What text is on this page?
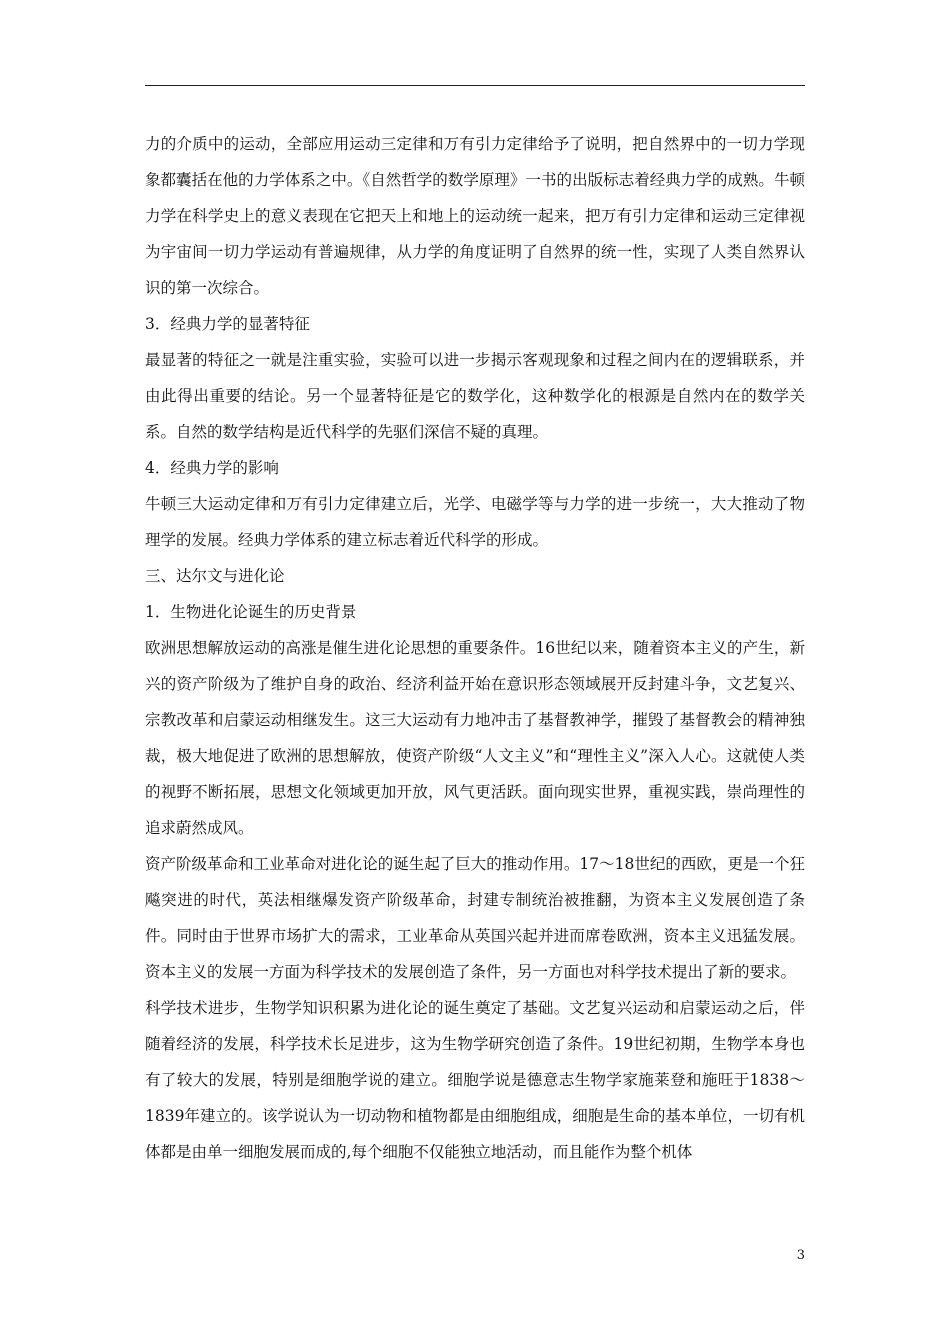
力的介质中的运动，全部应用运动三定律和万有引力定律给予了说明，把自然界中的一切力学现象都囊括在他的力学体系之中。《自然哲学的数学原理》一书的出版标志着经典力学的成熟。牛顿力学在科学史上的意义表现在它把天上和地上的运动统一起来，把万有引力定律和运动三定律视为宇宙间一切力学运动有普遍规律，从力学的角度证明了自然界的统一性，实现了人类自然界认识的第一次综合。

3．经典力学的显著特征

最显著的特征之一就是注重实验，实验可以进一步揭示客观现象和过程之间内在的逻辑联系，并由此得出重要的结论。另一个显著特征是它的数学化，这种数学化的根源是自然内在的数学关系。自然的数学结构是近代科学的先驱们深信不疑的真理。

4．经典力学的影响

牛顿三大运动定律和万有引力定律建立后，光学、电磁学等与力学的进一步统一，大大推动了物理学的发展。经典力学体系的建立标志着近代科学的形成。

三、达尔文与进化论

1．生物进化论诞生的历史背景

欧洲思想解放运动的高涨是催生进化论思想的重要条件。16世纪以来，随着资本主义的产生，新兴的资产阶级为了维护自身的政治、经济利益开始在意识形态领域展开反封建斗争，文艺复兴、宗教改革和启蒙运动相继发生。这三大运动有力地冲击了基督教神学，摧毁了基督教会的精神独裁，极大地促进了欧洲的思想解放，使资产阶级“人文主义”和“理性主义”深入人心。这就使人类的视野不断拓展，思想文化领域更加开放，风气更活跃。面向现实世界，重视实践，崇尚理性的追求蔚然成风。

资产阶级革命和工业革命对进化论的诞生起了巨大的推动作用。17～18世纪的西欧，更是一个狂飚突进的时代，英法相继爆发资产阶级革命，封建专制统治被推翻，为资本主义发展创造了条件。同时由于世界市场扩大的需求，工业革命从英国兴起并进而席卷欧洲，资本主义迅猛发展。资本主义的发展一方面为科学技术的发展创造了条件，另一方面也对科学技术提出了新的要求。

科学技术进步，生物学知识积累为进化论的诞生奠定了基础。文艺复兴运动和启蒙运动之后，伴随着经济的发展，科学技术长足进步，这为生物学研究创造了条件。19世纪初期，生物学本身也有了较大的发展，特别是细胞学说的建立。细胞学说是德意志生物学家施莱登和施旺于1838～1839年建立的。该学说认为一切动物和植物都是由细胞组成，细胞是生命的基本单位，一切有机体都是由单一细胞发展而成的,每个细胞不仅能独立地活动，而且能作为整个机体

3
